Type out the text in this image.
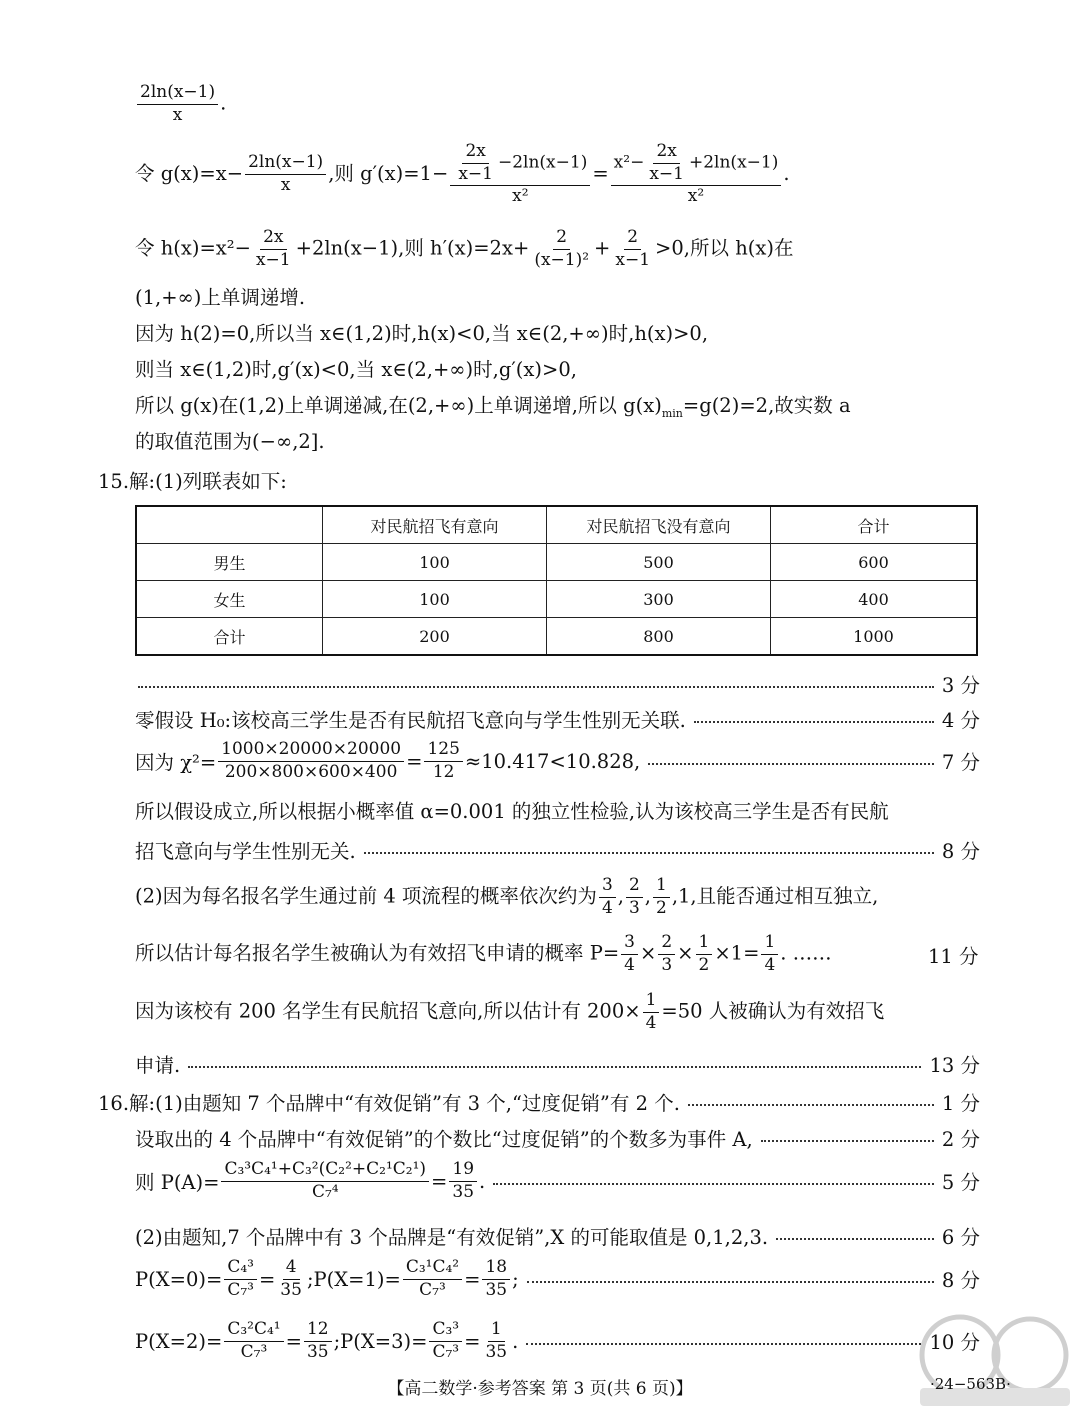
$\frac{2\ln(x-1)}{x}$ .
令 $g(x)=x- \frac{2\ln(x-1)}{x}$ ,则 $g'(x)=1- \frac{\frac{2x}{x-1} -2\ln(x-1)}{\text{x²}} = \frac{x^2- \frac{2x}{x-1} +2\ln(x-1)}{\text{x²}}$ .
令 $h(x)=x^2- \frac{2x}{x-1} +2\ln(x-1)$,则 $h'(x)=2x+ \frac{2}{\text{(x−1)²}} + \frac{2}{x-1} >0$,所以 h(x)在
(1,+∞)上单调递增.
因为 h(2)=0,所以当 x∈(1,2)时,h(x)<0,当 x∈(2,+∞)时,h(x)>0,
则当 x∈(1,2)时,g′(x)<0,当 x∈(2,+∞)时,g′(x)>0,
所以 g(x)在(1,2)上单调递减,在(2,+∞)上单调递增,所以 $g(x)_{min}=g(2)=2$,故实数 a
的取值范围为(−∞,2].
15.解:(1)列联表如下:
	对民航招飞有意向	对民航招飞没有意向	合计
男生	100	500	600
女生	100	300	400
合计	200	800	1000
3 分
零假设 H₀:该校高三学生是否有民航招飞意向与学生性别无关联.	4 分
因为 $\chi^2= \frac{1000\times 20000\times 20000}{200\times 800\times 600\times 400} = \frac{125}{12} \approx 10.417<10.828$,	7 分
所以假设成立,所以根据小概率值 α=0.001 的独立性检验,认为该校高三学生是否有民航
招飞意向与学生性别无关.	8 分
(2)因为每名报名学生通过前 4 项流程的概率依次约为 $\frac{3}{4}$ , $\frac{2}{3}$ , $\frac{1}{2} ,1$,且能否通过相互独立,
所以估计每名报名学生被确认为有效招飞申请的概率 $P= \frac{3}{4} \times \frac{2}{3} \times \frac{1}{2} \times 1= \frac{1}{4}$ . ……	11 分
因为该校有 200 名学生有民航招飞意向,所以估计有 $200\times \frac{1}{4} =50$ 人被确认为有效招飞
申请.	13 分
16.解:(1)由题知 7 个品牌中“有效促销”有 3 个,“过度促销”有 2 个.	1 分
设取出的 4 个品牌中“有效促销”的个数比“过度促销”的个数多为事件 A,	2 分
则 $P(A)= \frac{\text{C₃³C₄¹+C₃²(C₂²+C₂¹C₂¹)}}{\text{C₇⁴}} = \frac{19}{35}$ .	5 分
(2)由题知,7 个品牌中有 3 个品牌是“有效促销”,X 的可能取值是 0,1,2,3.	6 分
$P(X=0)= \frac{\text{C₄³}}{\text{C₇³}} = \frac{4}{35}$ ;P(X=1)= $\frac{\text{C₃¹C₄²}}{\text{C₇³}} = \frac{18}{35}$ ;	8 分
$P(X=2)= \frac{\text{C₃²C₄¹}}{\text{C₇³}} = \frac{12}{35}$ ;P(X=3)= $\frac{\text{C₃³}}{\text{C₇³}} = \frac{1}{35}$ .	10 分
【高二数学·参考答案 第 3 页(共 6 页)】	·24−563B·
